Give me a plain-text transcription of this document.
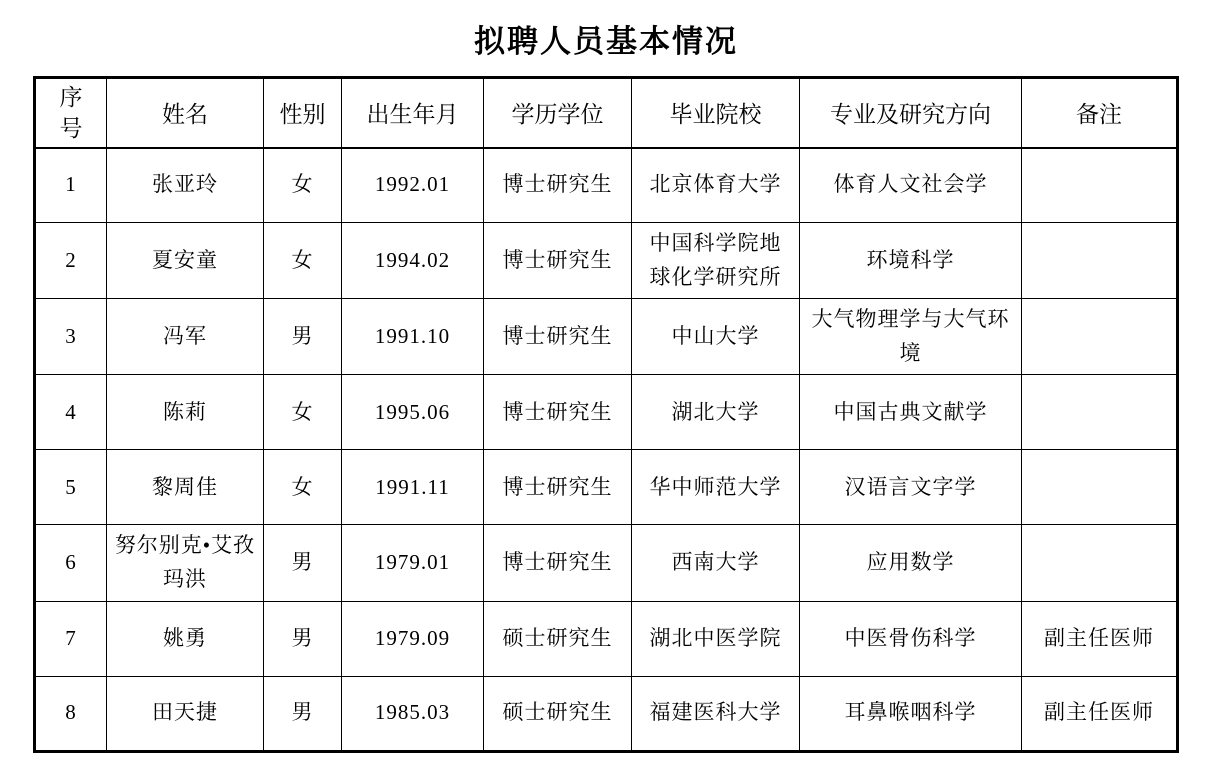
拟聘人员基本情况
序号	姓名	性别	出生年月	学历学位	毕业院校	专业及研究方向	备注
1	张亚玲	女	1992.01	博士研究生	北京体育大学	体育人文社会学	
2	夏安童	女	1994.02	博士研究生	中国科学院地球化学研究所	环境科学	
3	冯军	男	1991.10	博士研究生	中山大学	大气物理学与大气环境	
4	陈莉	女	1995.06	博士研究生	湖北大学	中国古典文献学	
5	黎周佳	女	1991.11	博士研究生	华中师范大学	汉语言文字学	
6	努尔别克•艾孜玛洪	男	1979.01	博士研究生	西南大学	应用数学	
7	姚勇	男	1979.09	硕士研究生	湖北中医学院	中医骨伤科学	副主任医师
8	田天捷	男	1985.03	硕士研究生	福建医科大学	耳鼻喉咽科学	副主任医师
